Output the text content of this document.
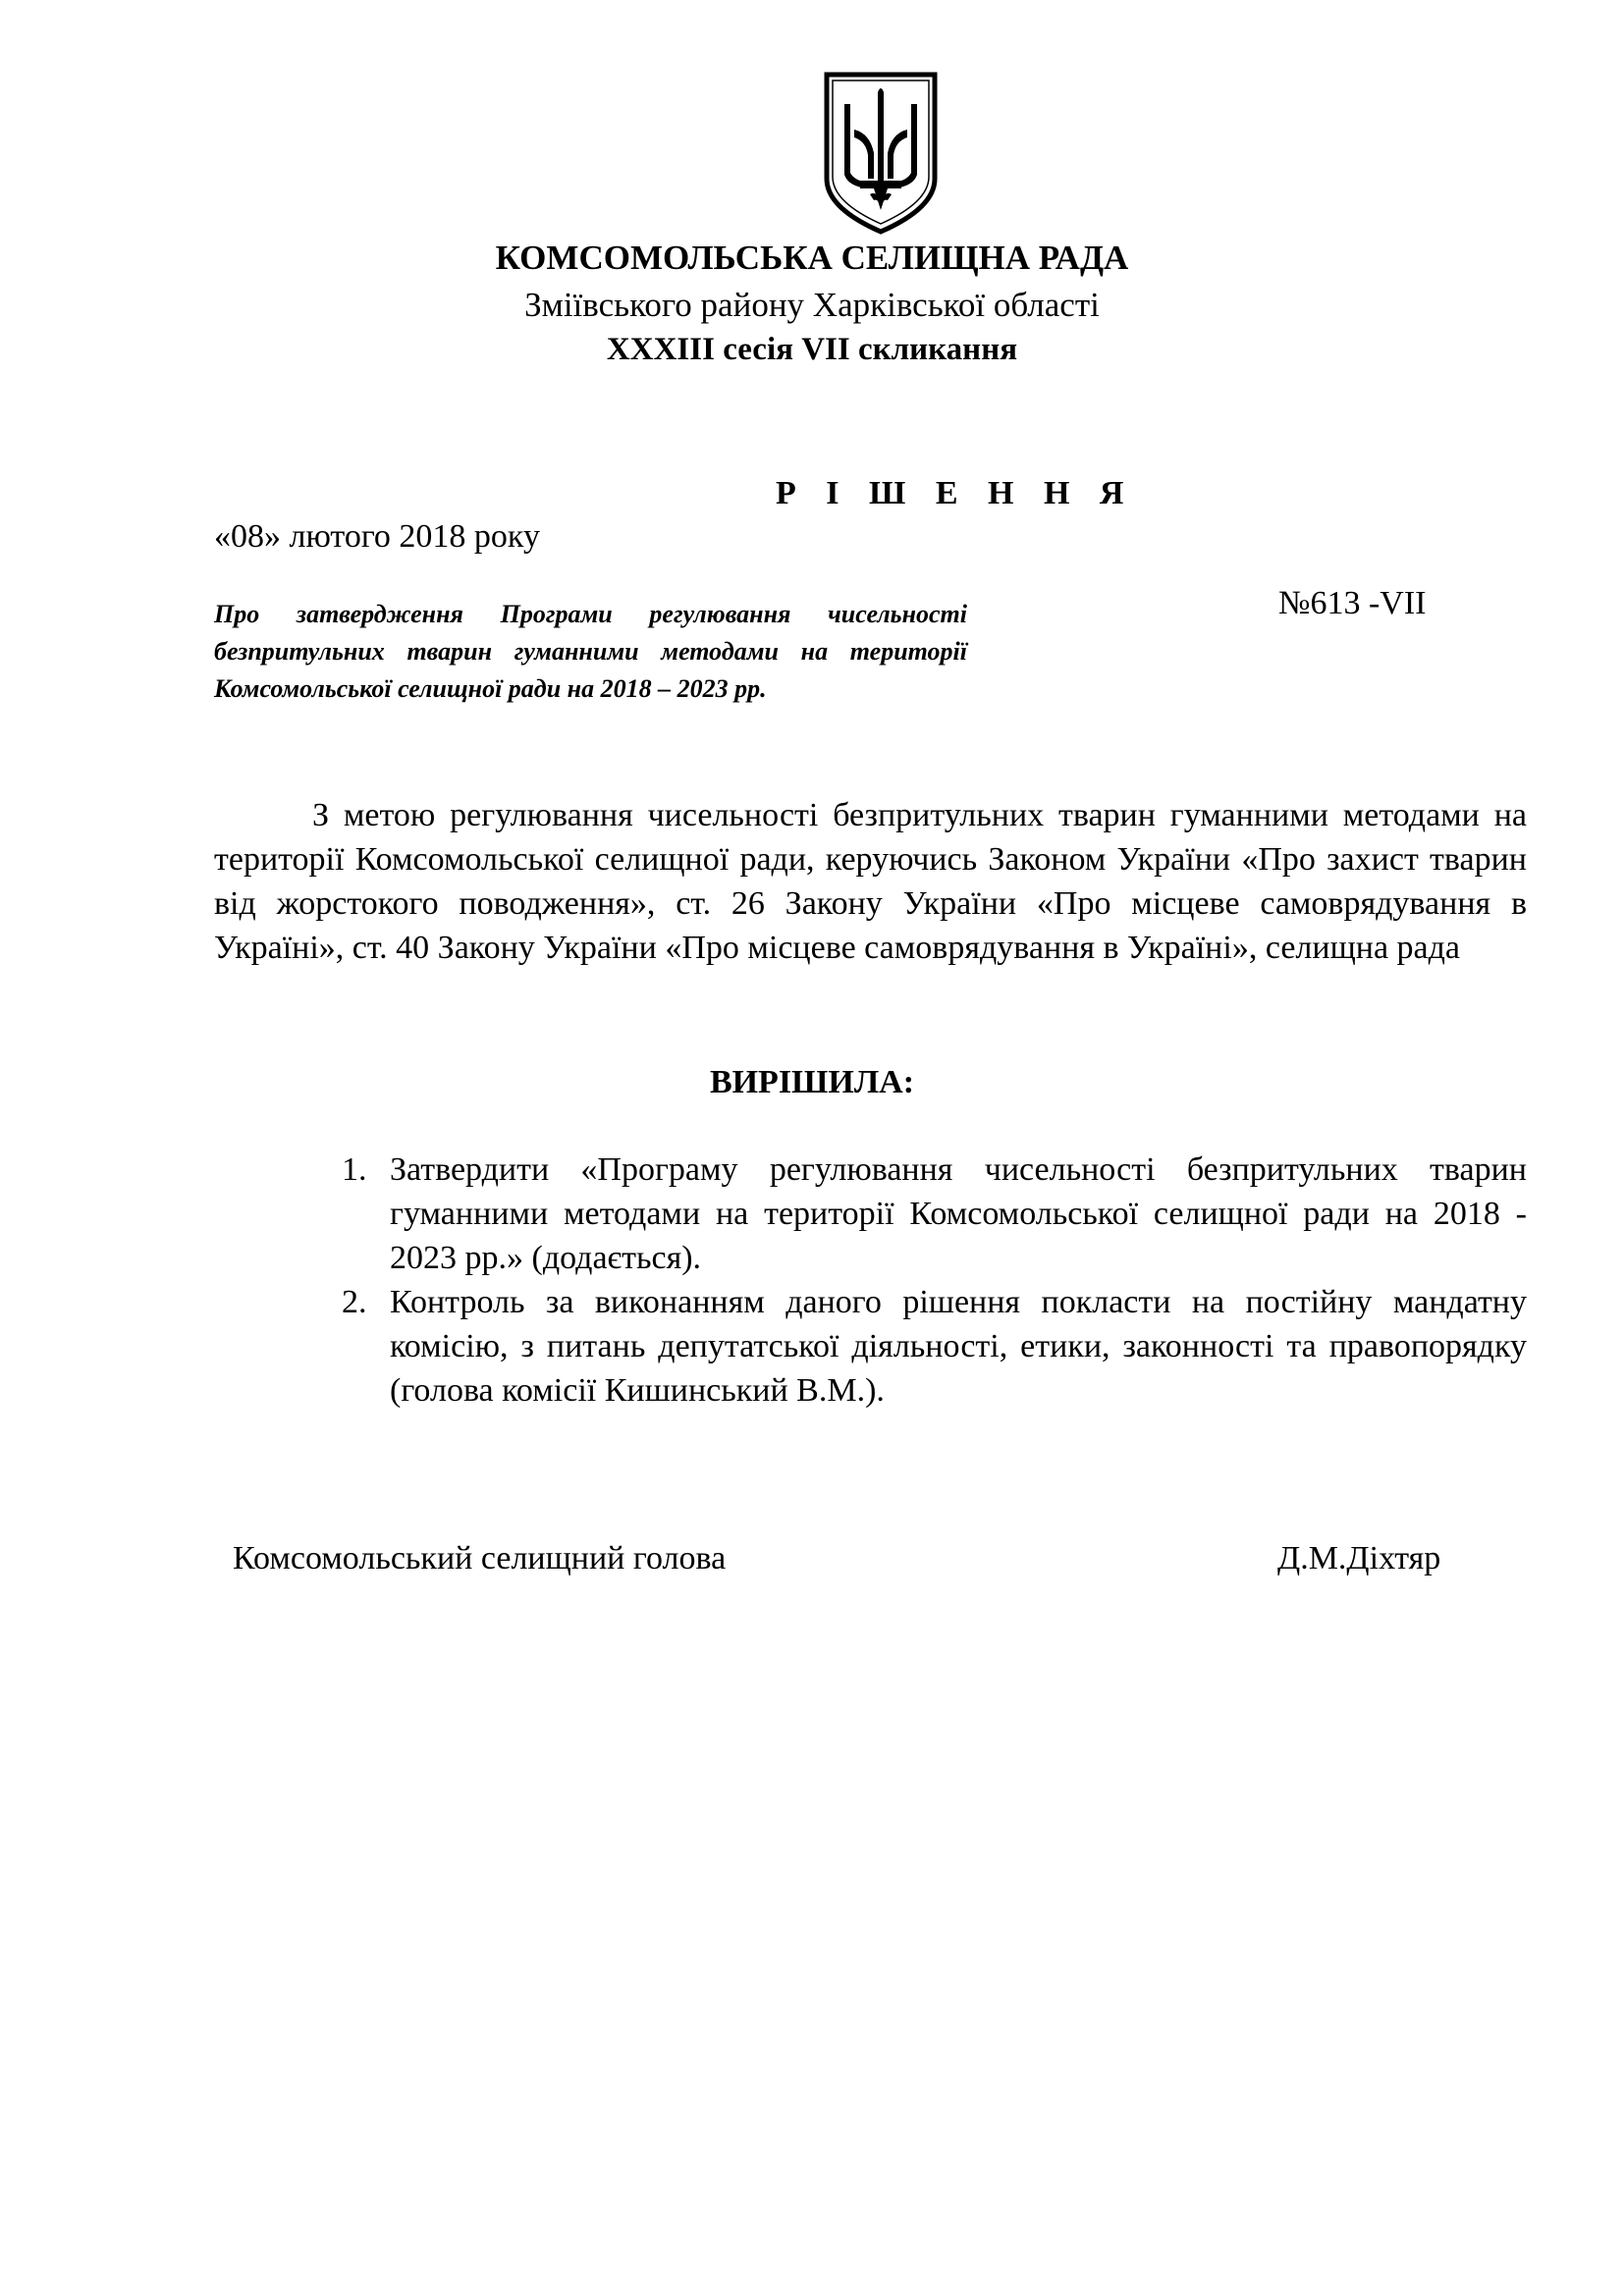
КОМСОМОЛЬСЬКА СЕЛИЩНА РАДА
Зміївського району Харківської області
XXXIII сесія VII скликання
Р І Ш Е Н Н Я
«08» лютого 2018 року
№613 -VII
Про затвердження Програми регулювання чисельності безпритульних тварин гуманними методами на території Комсомольської селищної ради на 2018 – 2023 рр.
З метою регулювання чисельності безпритульних тварин гуманними методами на території Комсомольської селищної ради, керуючись Законом України «Про захист тварин від жорстокого поводження», ст. 26 Закону України «Про місцеве самоврядування в Україні», ст. 40 Закону України «Про місцеве самоврядування в Україні», селищна рада
ВИРІШИЛА:
1. Затвердити «Програму регулювання чисельності безпритульних тварин гуманними методами на території Комсомольської селищної ради на 2018 - 2023 рр.» (додається).
2. Контроль за виконанням даного рішення покласти на постійну мандатну комісію, з питань депутатської діяльності, етики, законності та правопорядку (голова комісії Кишинський В.М.).
Комсомольський селищний голова	Д.М.Діхтяр
